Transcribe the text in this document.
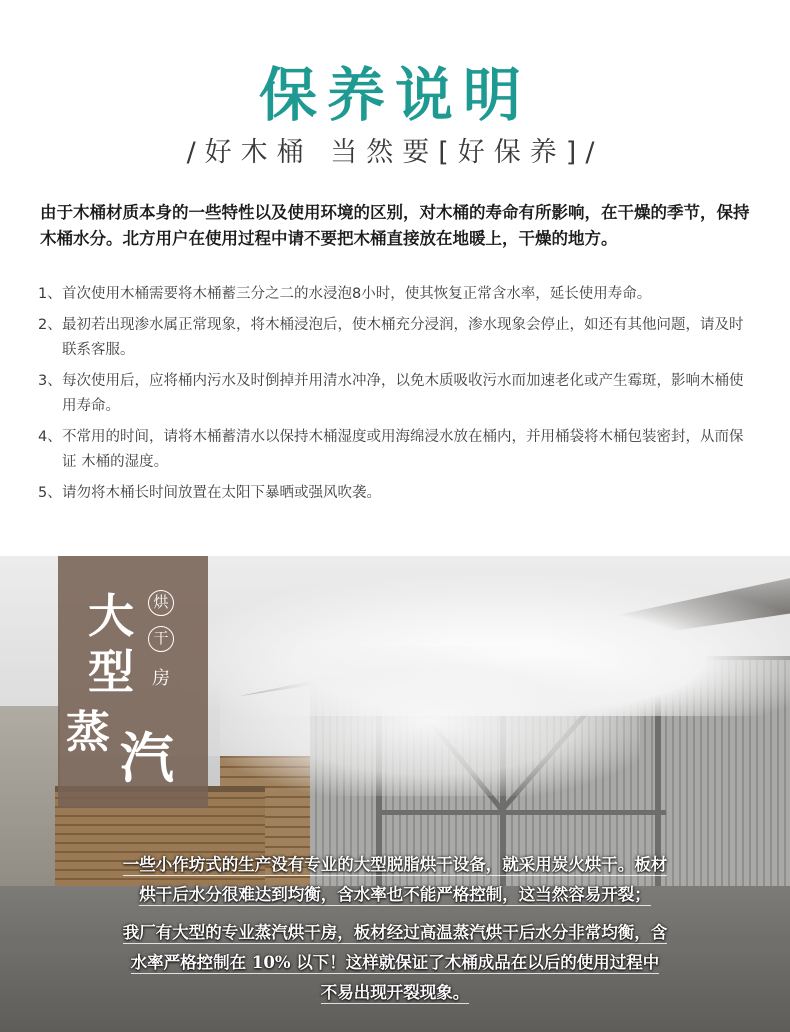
保养说明
/好木桶 当然要[好保养]/

由于木桶材质本身的一些特性以及使用环境的区别，对木桶的寿命有所影响，在干燥的季节，保持木桶水分。北方用户在使用过程中请不要把木桶直接放在地暖上，干燥的地方。

1、 首次使用木桶需要将木桶蓄三分之二的水浸泡8小时，使其恢复正常含水率，延长使用寿命。
2、 最初若出现渗水属正常现象，将木桶浸泡后，使木桶充分浸润，渗水现象会停止，如还有其他问题，请及时联系客服。
3、 每次使用后，应将桶内污水及时倒掉并用清水冲净，以免木质吸收污水而加速老化或产生霉斑，影响木桶使用寿命。
4、 不常用的时间，请将木桶蓄清水以保持木桶湿度或用海绵浸水放在桶内，并用桶袋将木桶包装密封，从而保证 木桶的湿度。
5、 请勿将木桶长时间放置在太阳下暴晒或强风吹袭。
大
型
蒸 汽
烘
干
房

一些小作坊式的生产没有专业的大型脱脂烘干设备，就采用炭火烘干。板材

烘干后水分很难达到均衡，含水率也不能严格控制，这当然容易开裂；

我厂有大型的专业蒸汽烘干房，板材经过高温蒸汽烘干后水分非常均衡，含

水率严格控制在 10% 以下！这样就保证了木桶成品在以后的使用过程中

不易出现开裂现象。
